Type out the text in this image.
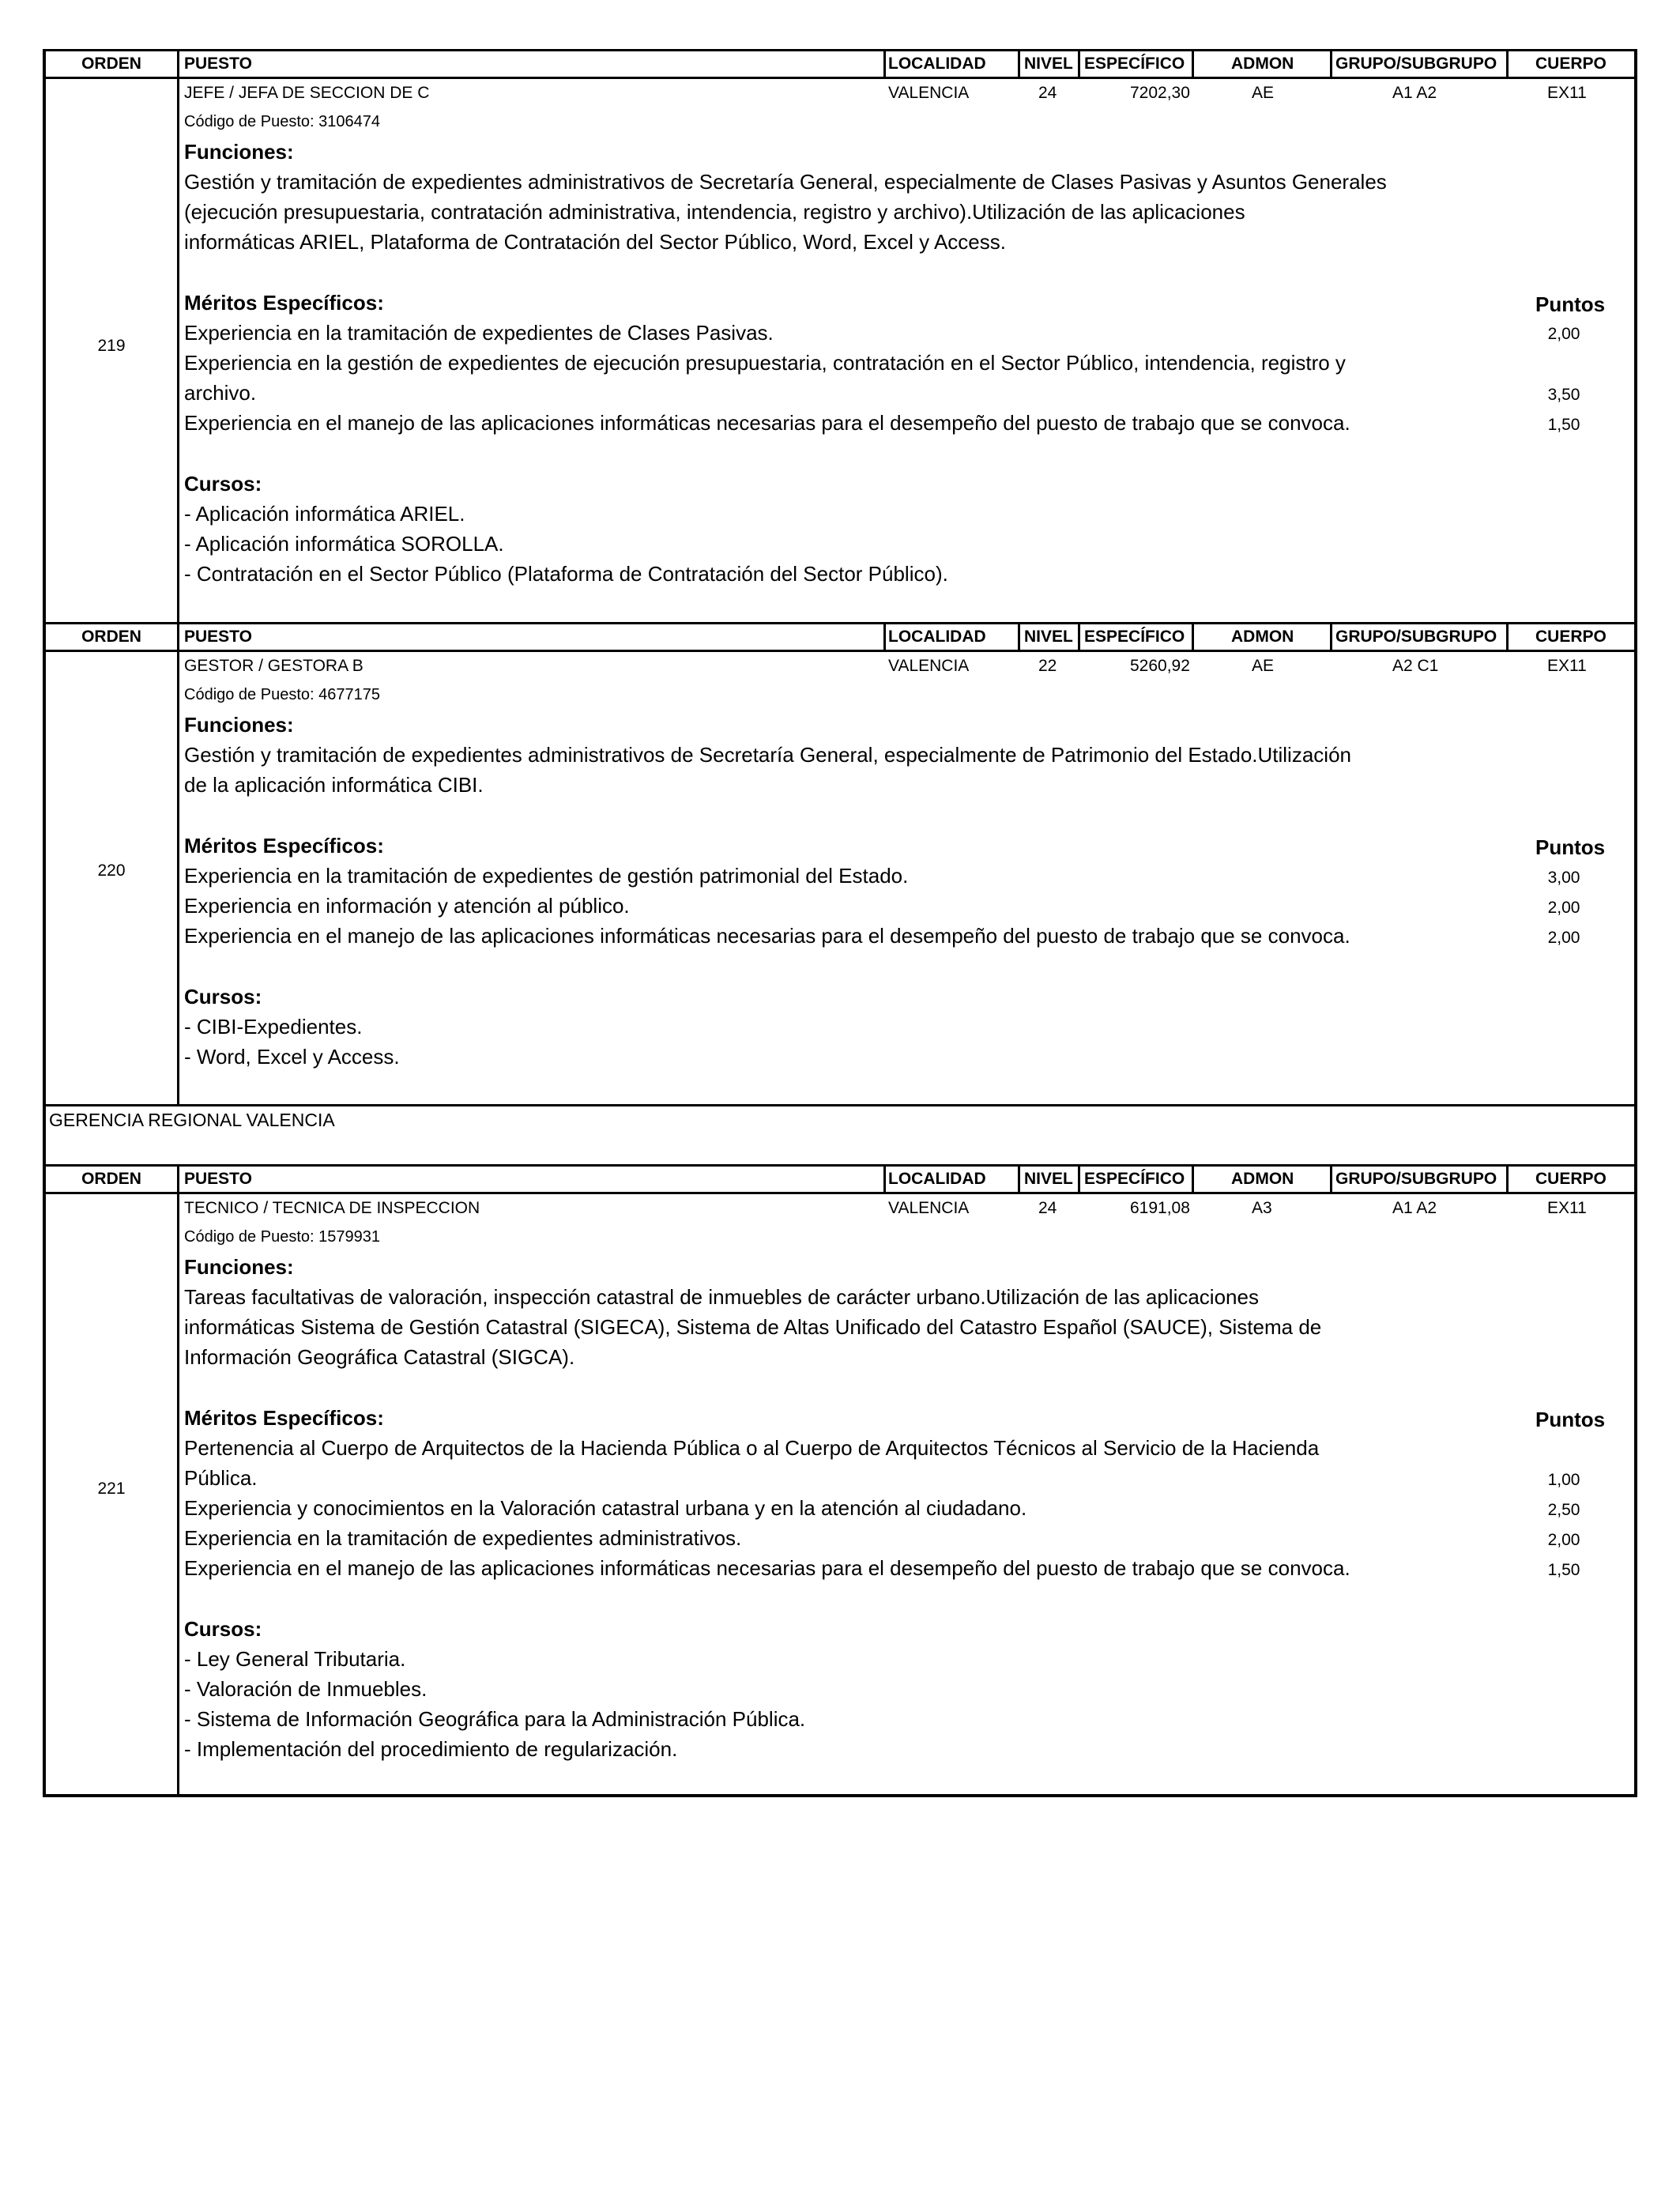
ORDEN	PUESTO	LOCALIDAD NIVEL ESPECÍFICO	ADMON	GRUPO/SUBGRUPO CUERPO
219
JEFE / JEFA DE SECCION DE C	VALENCIA	24	7202,30	AE	A1 A2	EX11
Código de Puesto: 3106474
Funciones:
Gestión y tramitación de expedientes administrativos de Secretaría General, especialmente de Clases Pasivas y Asuntos Generales
(ejecución presupuestaria, contratación administrativa, intendencia, registro y archivo).Utilización de las aplicaciones
informáticas ARIEL, Plataforma de Contratación del Sector Público, Word, Excel y Access.
Méritos Específicos:	Puntos
Experiencia en la tramitación de expedientes de Clases Pasivas.	2,00
Experiencia en la gestión de expedientes de ejecución presupuestaria, contratación en el Sector Público, intendencia, registro y
archivo.	3,50
Experiencia en el manejo de las aplicaciones informáticas necesarias para el desempeño del puesto de trabajo que se convoca.	1,50
Cursos:
- Aplicación informática ARIEL.
- Aplicación informática SOROLLA.
- Contratación en el Sector Público (Plataforma de Contratación del Sector Público).
ORDEN	PUESTO	LOCALIDAD NIVEL ESPECÍFICO	ADMON	GRUPO/SUBGRUPO CUERPO
220
GESTOR / GESTORA B	VALENCIA	22	5260,92	AE	A2 C1	EX11
Código de Puesto: 4677175
Funciones:
Gestión y tramitación de expedientes administrativos de Secretaría General, especialmente de Patrimonio del Estado.Utilización
de la aplicación informática CIBI.
Méritos Específicos:	Puntos
Experiencia en la tramitación de expedientes de gestión patrimonial del Estado.	3,00
Experiencia en información y atención al público.	2,00
Experiencia en el manejo de las aplicaciones informáticas necesarias para el desempeño del puesto de trabajo que se convoca.	2,00
Cursos:
- CIBI-Expedientes.
- Word, Excel y Access.
GERENCIA REGIONAL VALENCIA
ORDEN	PUESTO	LOCALIDAD NIVEL ESPECÍFICO	ADMON	GRUPO/SUBGRUPO CUERPO
221
TECNICO / TECNICA DE INSPECCION	VALENCIA	24	6191,08	A3	A1 A2	EX11
Código de Puesto: 1579931
Funciones:
Tareas facultativas de valoración, inspección catastral de inmuebles de carácter urbano.Utilización de las aplicaciones
informáticas Sistema de Gestión Catastral (SIGECA), Sistema de Altas Unificado del Catastro Español (SAUCE), Sistema de
Información Geográfica Catastral (SIGCA).
Méritos Específicos:	Puntos
Pertenencia al Cuerpo de Arquitectos de la Hacienda Pública o al Cuerpo de Arquitectos Técnicos al Servicio de la Hacienda
Pública.	1,00
Experiencia y conocimientos en la Valoración catastral urbana y en la atención al ciudadano.	2,50
Experiencia en la tramitación de expedientes administrativos.	2,00
Experiencia en el manejo de las aplicaciones informáticas necesarias para el desempeño del puesto de trabajo que se convoca.	1,50
Cursos:
- Ley General Tributaria.
- Valoración de Inmuebles.
- Sistema de Información Geográfica para la Administración Pública.
- Implementación del procedimiento de regularización.
